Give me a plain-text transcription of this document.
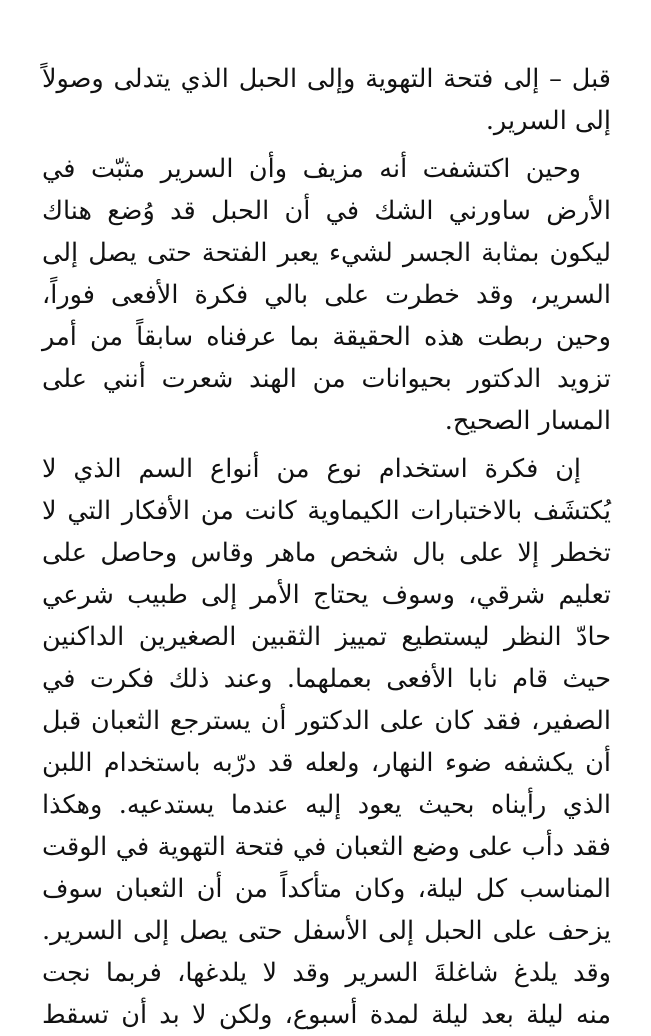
قبل – إلى فتحة التهوية وإلى الحبل الذي يتدلى وصولاً
إلى السرير.

وحين اكتشفت أنه مزيف وأن السرير مثبّت في
الأرض ساورني الشك في أن الحبل قد وُضع هناك
ليكون بمثابة الجسر لشيء يعبر الفتحة حتى يصل إلى
السرير، وقد خطرت على بالي فكرة الأفعى فوراً،
وحين ربطت هذه الحقيقة بما عرفناه سابقاً من أمر
تزويد الدكتور بحيوانات من الهند شعرت أنني على
المسار الصحيح.

إن فكرة استخدام نوع من أنواع السم الذي لا
يُكتشَف بالاختبارات الكيماوية كانت من الأفكار التي لا
تخطر إلا على بال شخص ماهر وقاس وحاصل على
تعليم شرقي، وسوف يحتاج الأمر إلى طبيب شرعي
حادّ النظر ليستطيع تمييز الثقبين الصغيرين الداكنين
حيث قام نابا الأفعى بعملهما. وعند ذلك فكرت في
الصفير، فقد كان على الدكتور أن يسترجع الثعبان قبل
أن يكشفه ضوء النهار، ولعله قد درّبه باستخدام اللبن
الذي رأيناه بحيث يعود إليه عندما يستدعيه. وهكذا
فقد دأب على وضع الثعبان في فتحة التهوية في الوقت
المناسب كل ليلة، وكان متأكداً من أن الثعبان سوف
يزحف على الحبل إلى الأسفل حتى يصل إلى السرير.
وقد يلدغ شاغلةَ السرير وقد لا يلدغها، فربما نجت
منه ليلة بعد ليلة لمدة أسبوع، ولكن لا بد أن تسقط
